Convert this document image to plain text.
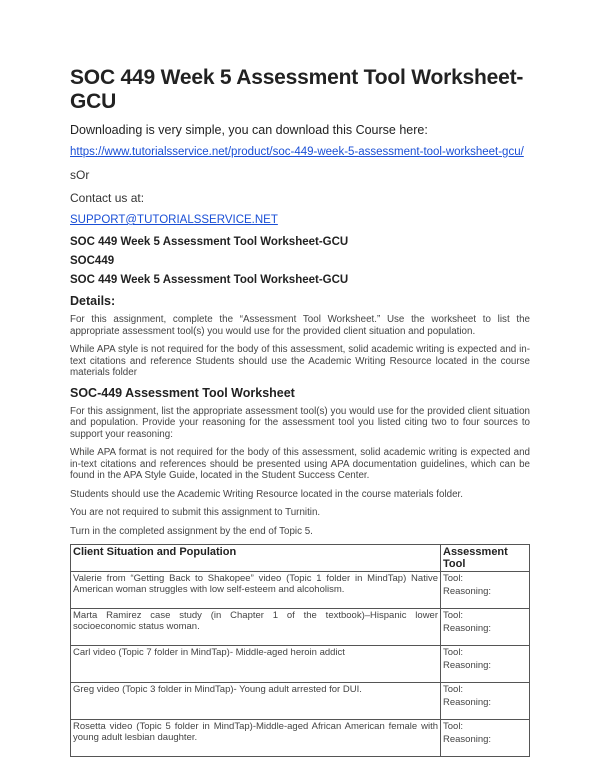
SOC 449 Week 5 Assessment Tool Worksheet-GCU

Downloading is very simple, you can download this Course here:

https://www.tutorialsservice.net/product/soc-449-week-5-assessment-tool-worksheet-gcu/

sOr

Contact us at:

SUPPORT@TUTORIALSSERVICE.NET

SOC 449 Week 5 Assessment Tool Worksheet-GCU

SOC449

SOC 449 Week 5 Assessment Tool Worksheet-GCU

Details:

For this assignment, complete the “Assessment Tool Worksheet.” Use the worksheet to list the appropriate assessment tool(s) you would use for the provided client situation and population.

While APA style is not required for the body of this assessment, solid academic writing is expected and in-text citations and reference Students should use the Academic Writing Resource located in the course materials folder

SOC-449 Assessment Tool Worksheet

For this assignment, list the appropriate assessment tool(s) you would use for the provided client situation and population. Provide your reasoning for the assessment tool you listed citing two to four sources to support your reasoning:

While APA format is not required for the body of this assessment, solid academic writing is expected and in-text citations and references should be presented using APA documentation guidelines, which can be found in the APA Style Guide, located in the Student Success Center.

Students should use the Academic Writing Resource located in the course materials folder.

You are not required to submit this assignment to Turnitin.

Turn in the completed assignment by the end of Topic 5.

Client Situation and Population	Assessment Tool
Valerie from “Getting Back to Shakopee” video (Topic 1 folder in MindTap) Native American woman struggles with low self-esteem and alcoholism.	Tool:
Reasoning:

Marta Ramirez case study (in Chapter 1 of the textbook)–Hispanic lower socioeconomic status woman.	Tool:
Reasoning:

Carl video (Topic 7 folder in MindTap)- Middle-aged heroin addict	Tool:
Reasoning:

Greg video (Topic 3 folder in MindTap)- Young adult arrested for DUI.	Tool:
Reasoning:

Rosetta video (Topic 5 folder in MindTap)-Middle-aged African American female with young adult lesbian daughter.	Tool:
Reasoning:
